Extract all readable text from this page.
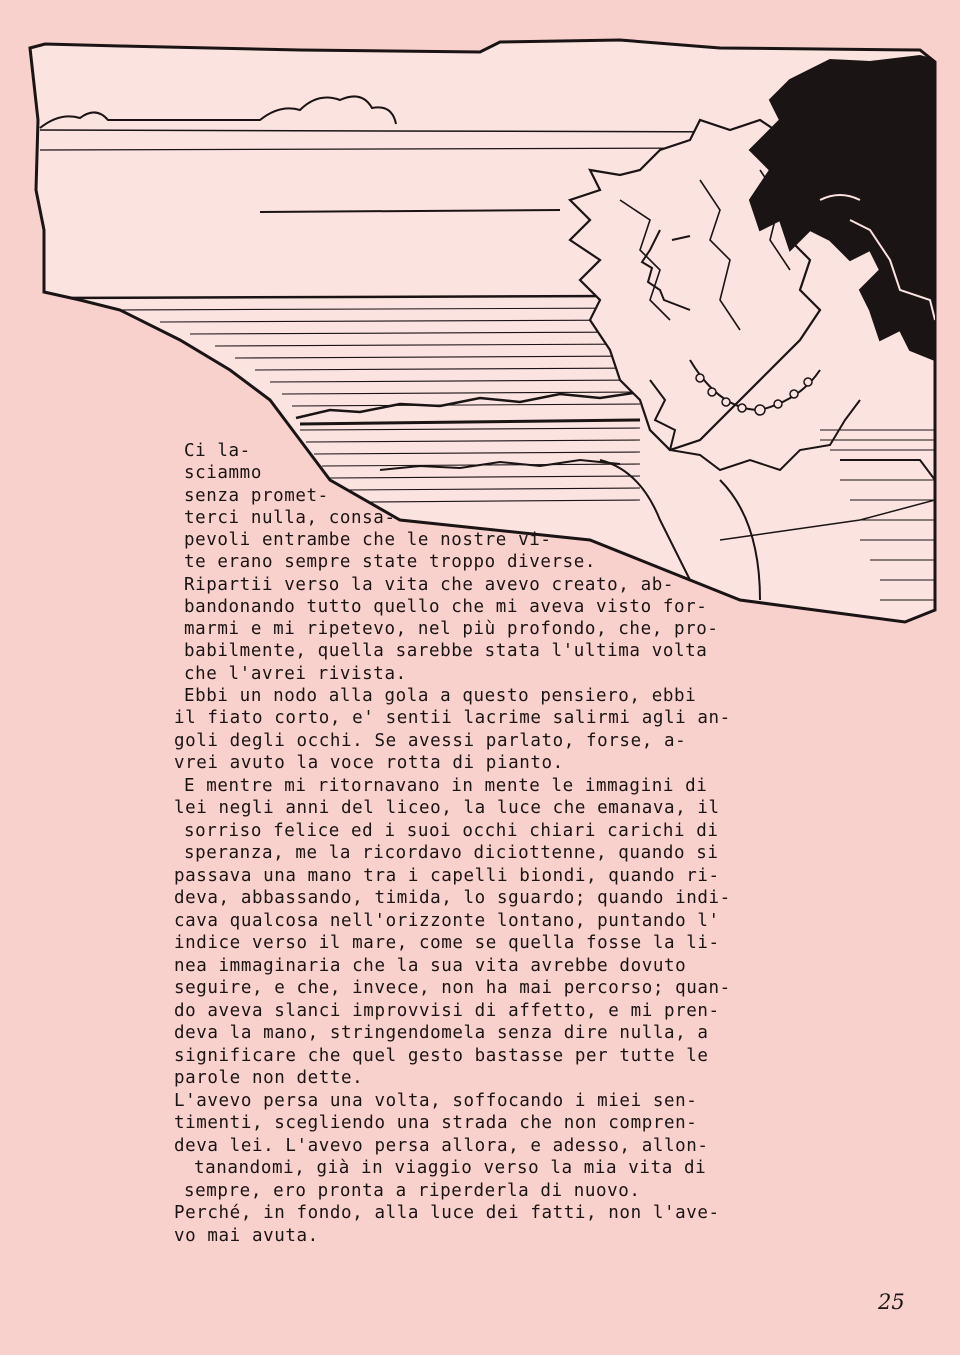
Ci la-
sciammo
senza promet-
terci nulla, consa-
pevoli entrambe che le nostre vi-
te erano sempre state troppo diverse.
Ripartii verso la vita che avevo creato, ab-
bandonando tutto quello che mi aveva visto for-
marmi e mi ripetevo, nel più profondo, che, pro-
babilmente, quella sarebbe stata l'ultima volta
che l'avrei rivista.
Ebbi un nodo alla gola a questo pensiero, ebbi
il fiato corto, e' sentii lacrime salirmi agli an-
goli degli occhi. Se avessi parlato, forse, a-
vrei avuto la voce rotta di pianto.
E mentre mi ritornavano in mente le immagini di
lei negli anni del liceo, la luce che emanava, il
sorriso felice ed i suoi occhi chiari carichi di
speranza, me la ricordavo diciottenne, quando si
passava una mano tra i capelli biondi, quando ri-
deva, abbassando, timida, lo sguardo; quando indi-
cava qualcosa nell'orizzonte lontano, puntando l'
indice verso il mare, come se quella fosse la li-
nea immaginaria che la sua vita avrebbe dovuto
seguire, e che, invece, non ha mai percorso; quan-
do aveva slanci improvvisi di affetto, e mi pren-
deva la mano, stringendomela senza dire nulla, a
significare che quel gesto bastasse per tutte le
parole non dette.
L'avevo persa una volta, soffocando i miei sen-
timenti, scegliendo una strada che non compren-
deva lei. L'avevo persa allora, e adesso, allon-
tanandomi, già in viaggio verso la mia vita di
sempre, ero pronta a riperderla di nuovo.
Perché, in fondo, alla luce dei fatti, non l'ave-
vo mai avuta.
25
